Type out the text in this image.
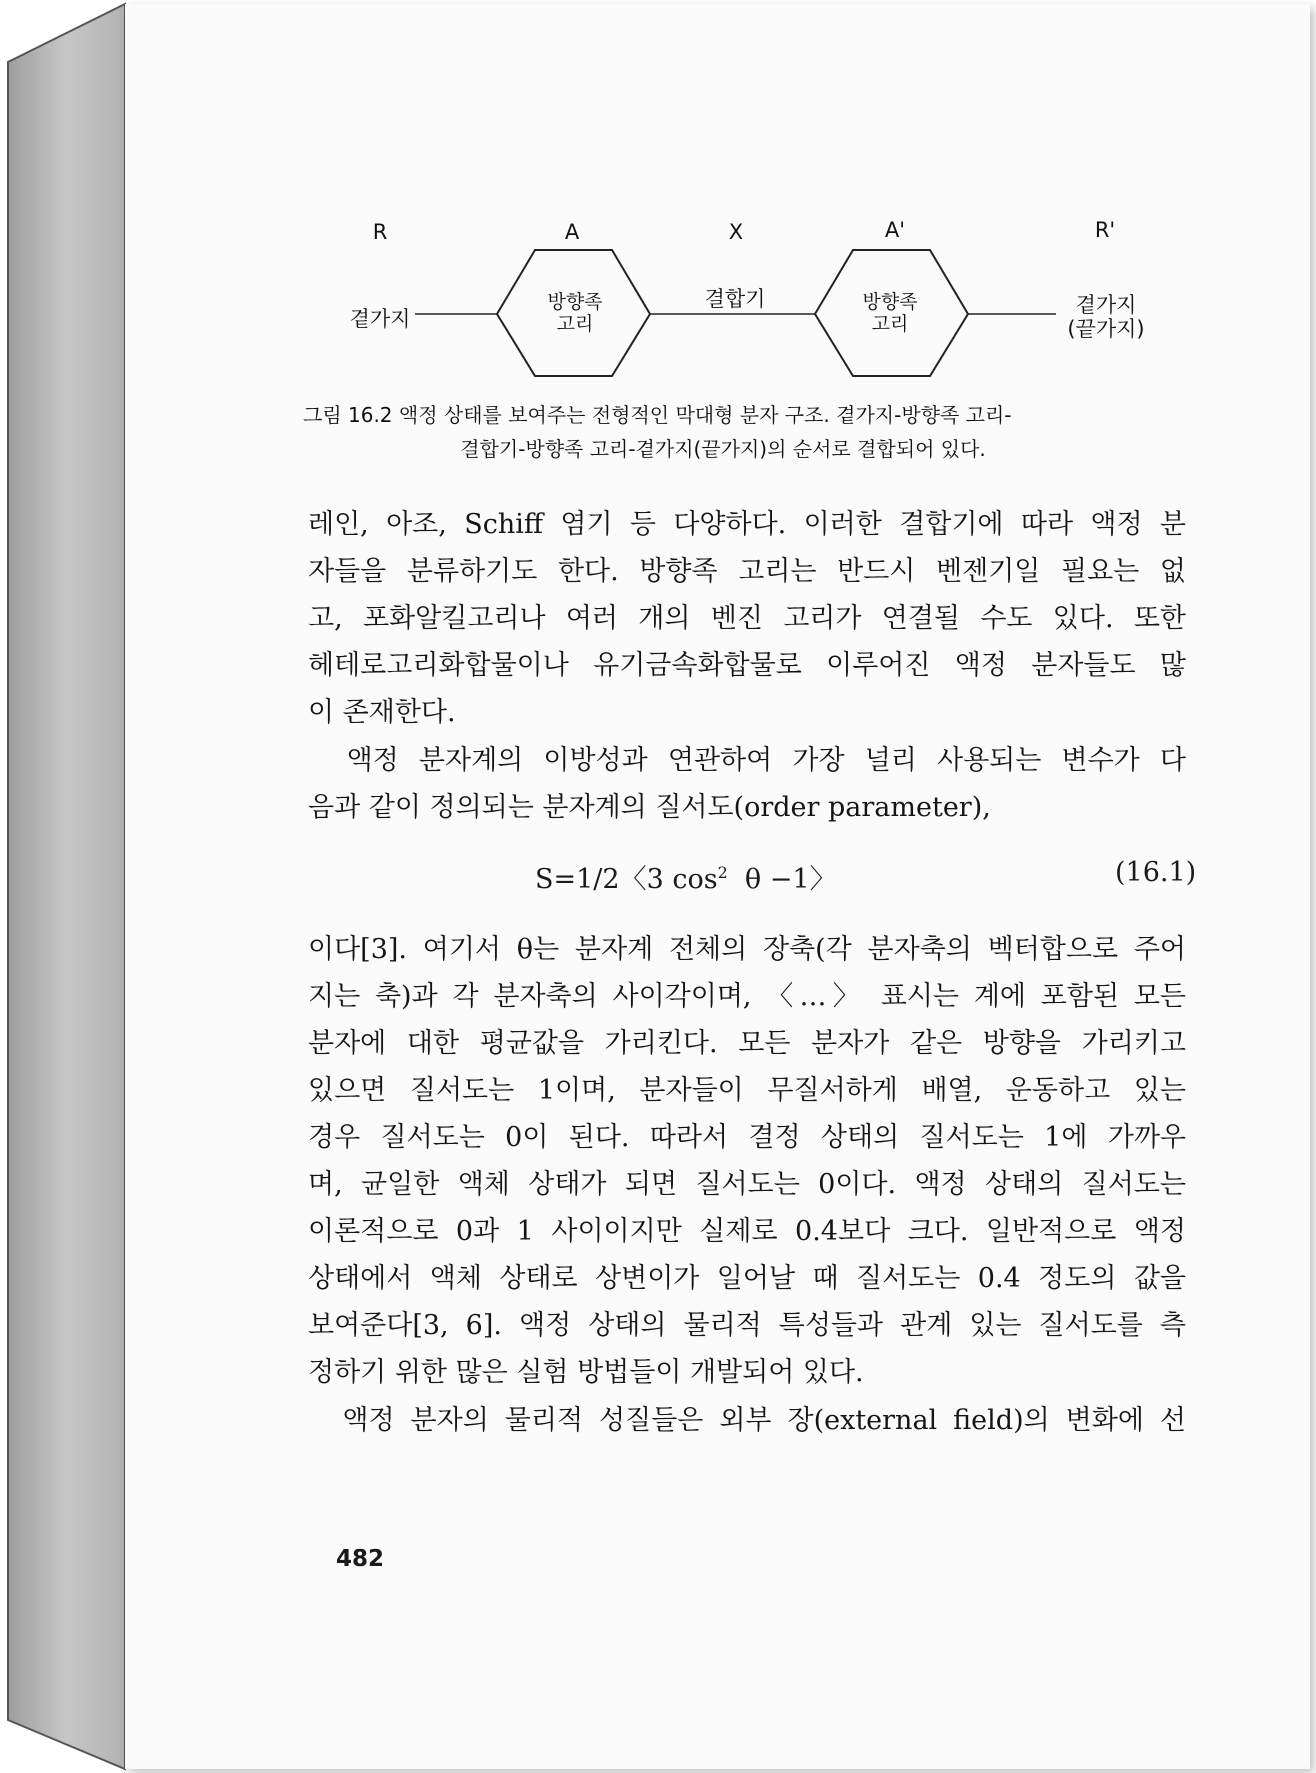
R	A	X	A'	R'
곁가지
방향족
고리
결합기	방향족
고리
곁가지
(끝가지)
그림 16.2 액정 상태를 보여주는 전형적인 막대형 분자 구조. 곁가지-방향족 고리-
결합기-방향족 고리-곁가지(끝가지)의 순서로 결합되어 있다.
레인, 아조, Schiff 염기 등 다양하다. 이러한 결합기에 따라 액정 분
자들을 분류하기도 한다. 방향족 고리는 반드시 벤젠기일 필요는 없
고, 포화알킬고리나 여러 개의 벤진 고리가 연결될 수도 있다. 또한
헤테로고리화합물이나 유기금속화합물로 이루어진 액정 분자들도 많
이 존재한다.
　액정 분자계의 이방성과 연관하여 가장 널리 사용되는 변수가 다
음과 같이 정의되는 분자계의 질서도(order parameter),
S=1/2〈3 $\cos^2 \theta -1$〉	(16.1)
이다[3]. 여기서 θ는 분자계 전체의 장축(각 분자축의 벡터합으로 주어
지는 축)과 각 분자축의 사이각이며, 〈…〉 표시는 계에 포함된 모든
분자에 대한 평균값을 가리킨다. 모든 분자가 같은 방향을 가리키고
있으면 질서도는 1이며, 분자들이 무질서하게 배열, 운동하고 있는
경우 질서도는 0이 된다. 따라서 결정 상태의 질서도는 1에 가까우
며, 균일한 액체 상태가 되면 질서도는 0이다. 액정 상태의 질서도는
이론적으로 0과 1 사이이지만 실제로 0.4보다 크다. 일반적으로 액정
상태에서 액체 상태로 상변이가 일어날 때 질서도는 0.4 정도의 값을
보여준다[3, 6]. 액정 상태의 물리적 특성들과 관계 있는 질서도를 측
정하기 위한 많은 실험 방법들이 개발되어 있다.
　액정 분자의 물리적 성질들은 외부 장(external field)의 변화에 선
482
